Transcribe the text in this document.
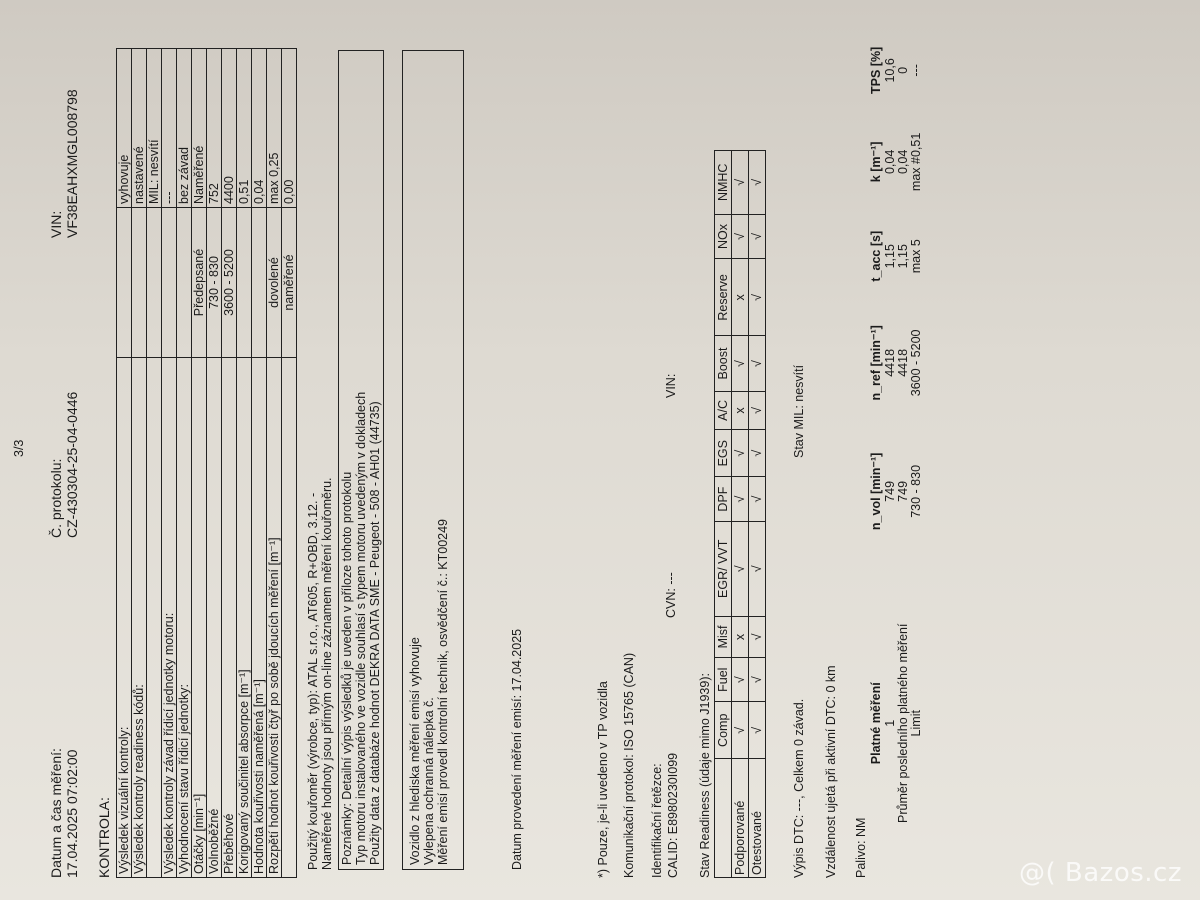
3/3
Datum a čas měření: 17.04.2025 07:02:00
Č. protokolu: CZ-430304-25-04-0446
VIN: VF38EAHXMGL008798
KONTROLA: Výsledek vizuální kontroly:		vyhovuje
Výsledek kontroly readiness kódů:		nastavené
		MIL: nesvítí
Výsledek kontroly závad řídicí jednotky motoru:		---
Vyhodnocení stavu řídicí jednotky:		bez závad
Otáčky [min⁻¹]	Předepsané	Naměřené
Volnoběžné	730 - 830	752
Přeběhové	3600 - 5200	4400
Korigovaný součinitel absorpce [m⁻¹]		0,51
Hodnota kouřivosti naměřená [m⁻¹]		0,04
Rozpětí hodnot kouřivosti čtyř po sobě jdoucích měření [m⁻¹]	dovolené	max 0,25
	naměřené	0,00
Použitý kouřoměr (výrobce, typ): ATAL s.r.o., AT605, R+OBD, 3.12. - Naměřené hodnoty jsou přímým on-line záznamem měření kouřoměru. Poznámky: Detailní výpis výsledků je uveden v příloze tohoto protokolu Typ motoru instalovaného ve vozidle souhlasí s typem motoru uvedeným v dokladech Použity data z databáze hodnot DEKRA DATA SME - Peugeot - 508 - AH01 (44735) Vozidlo z hlediska měření emisí vyhovuje Vylepena ochranná nálepka č. Měření emisí provedl kontrolní technik, osvědčení č.: KT00249	Datum provedení měření emisí: 17.04.2025	*) Pouze, je-li uvedeno v TP vozidla Komunikační protokol: ISO 15765 (CAN) Identifikační řetězce: CALID: E8980230I099
CVN: ---
VIN:
Stav Readiness (údaje mimo J1939):
	Comp	Fuel	Misf	EGR/ VVT	DPF	EGS	A/C	Boost	Reserve	NOx	NMHC
Podporované	√	√	x	√	√	√	x	√	x	√	√
Otestované	√	√	√	√	√	√	√	√	√	√	√
Výpis DTC: ---, Celkem 0 závad.
Stav MIL: nesvítí
Vzdálenost ujetá při aktivní DTC: 0 km Palivo: NM
Platné měření	n_vol [min⁻¹]	n_ref [min⁻¹]	t_acc [s]	k [m⁻¹]	TPS [%]
1	749	4418	1,15	0,04	10,6
Průměr posledního platného měření	749	4418	1,15	0,04	0
Limit	730 - 830	3600 - 5200	max 5	max #0,51	---
@( Bazos.cz
